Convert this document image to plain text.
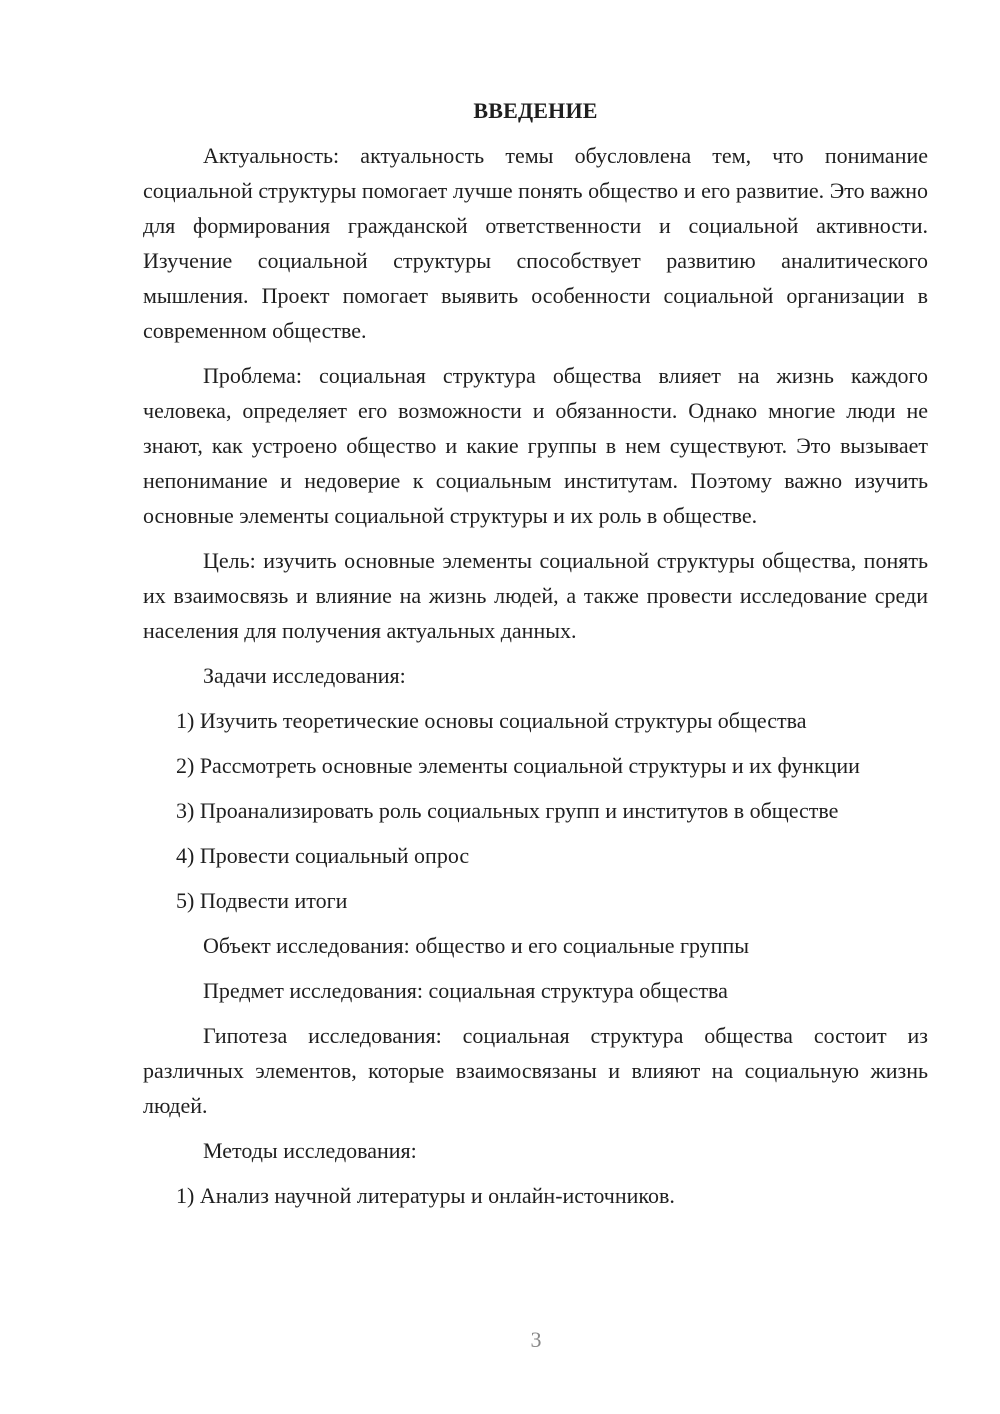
ВВЕДЕНИЕ

Актуальность: актуальность темы обусловлена тем, что понимание социальной структуры помогает лучше понять общество и его развитие. Это важно для формирования гражданской ответственности и социальной активности. Изучение социальной структуры способствует развитию аналитического мышления. Проект помогает выявить особенности социальной организации в современном обществе.

Проблема: социальная структура общества влияет на жизнь каждого человека, определяет его возможности и обязанности. Однако многие люди не знают, как устроено общество и какие группы в нем существуют. Это вызывает непонимание и недоверие к социальным институтам. Поэтому важно изучить основные элементы социальной структуры и их роль в обществе.

Цель: изучить основные элементы социальной структуры общества, понять их взаимосвязь и влияние на жизнь людей, а также провести исследование среди населения для получения актуальных данных.

Задачи исследования:

1) Изучить теоретические основы социальной структуры общества

2) Рассмотреть основные элементы социальной структуры и их функции

3) Проанализировать роль социальных групп и институтов в обществе

4) Провести социальный опрос

5) Подвести итоги

Объект исследования: общество и его социальные группы

Предмет исследования: социальная структура общества

Гипотеза исследования: социальная структура общества состоит из различных элементов, которые взаимосвязаны и влияют на социальную жизнь людей.

Методы исследования:

1) Анализ научной литературы и онлайн-источников.

3
